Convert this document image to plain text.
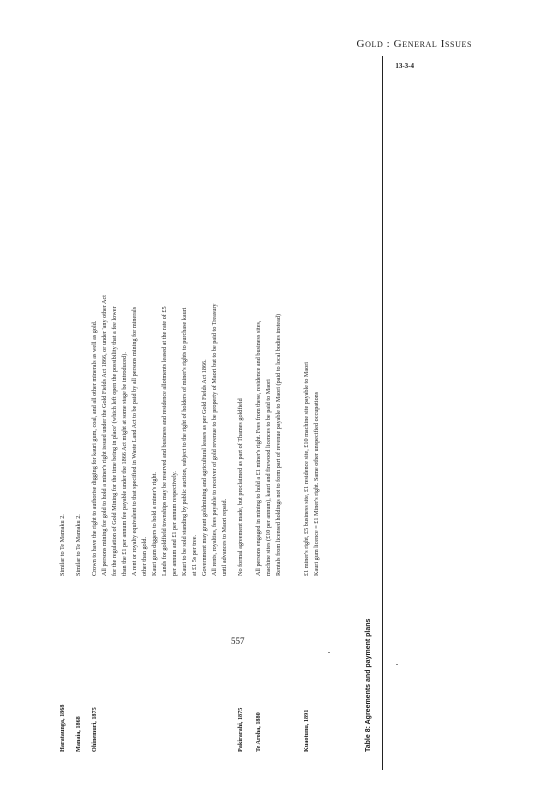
Gold : General Issues
13-3-4
Harataunga, 1868

Similar to Te Mamaku 2.

Manaia, 1868

Similar to Te Mamaku 2.

Ohinemuri, 1875

Crown to have the right to authorise digging for kauri gum, coal, and all other minerals as well as gold. All persons mining for gold to hold a miner's right issued under the Gold Fields Act 1866, or under 'any other Act for the regulation of Gold Mining for the time being in place' (which left open the possibility that a fee lower than the £1 per annum fee payable under the 1866 Act might at some stage be introduced). A rent or royalty equivalent to that specified in Waste Land Act to be paid by all persons mining for minerals other than gold. Kauri gum diggers to hold a miner's right. Lands for goldfield townships may be reserved and business and residence allotments leased at the rate of £5 per annum and £1 per annum respectively. Kauri to be sold standing by public auction, subject to the right of holders of miner's rights to purchase kauri at £1 5s per tree. Government may grant goldmining and agricultural leases as per Gold Fields Act 1866. All rents, royalties, fees payable to receiver of gold revenue to be property of Maori but to be paid to Treasury until advances to Maori repaid.

Pakirarahi, 1875

No formal agreement made, but proclaimed as part of Thames goldfield

Te Aroha, 1880

All persons engaged in mining to hold a £1 miner's right. Fees from these, residence and business sites, machine sites (£10 per annum), kauri and firewood licences to be paid to Maori Rentals from licensed holdings not to form part of revenue payable to Maori (paid to local bodies instead)

Kuaotunu, 1891

£1 miner's right, £5 business site, £1 residence site, £10 machine site payable to Maori Kauri gum licence = £1 Miner's right. Same other unspecified occupations

Table 8: Agreements and payment plans
557
